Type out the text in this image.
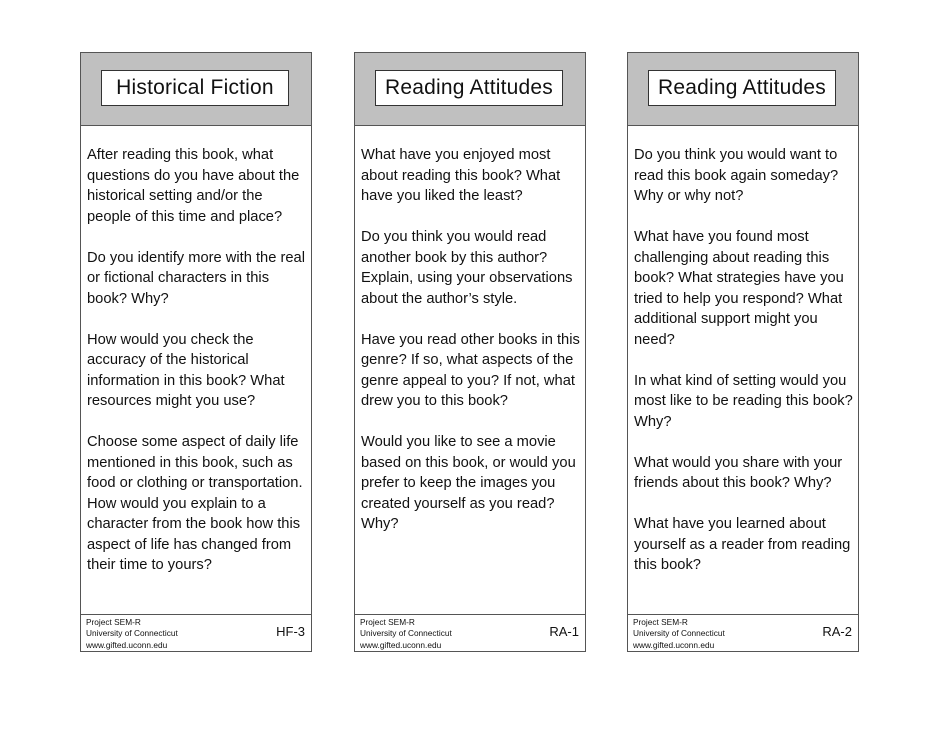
Historical Fiction

After reading this book, what questions do you have about the historical setting and/or the people of this time and place?

Do you identify more with the real or fictional characters in this book? Why?

How would you check the accuracy of the historical information in this book? What resources might you use?

Choose some aspect of daily life mentioned in this book, such as food or clothing or transportation. How would you explain to a character from the book how this aspect of life has changed from their time to yours?

Project SEM-R
University of Connecticut
www.gifted.uconn.edu
HF-3
Reading Attitudes

What have you enjoyed most about reading this book? What have you liked the least?

Do you think you would read another book by this author? Explain, using your observations about the author’s style.

Have you read other books in this genre? If so, what aspects of the genre appeal to you? If not, what drew you to this book?

Would you like to see a movie based on this book, or would you prefer to keep the images you created yourself as you read? Why?

Project SEM-R
University of Connecticut
www.gifted.uconn.edu
RA-1
Reading Attitudes

Do you think you would want to read this book again someday? Why or why not?

What have you found most challenging about reading this book? What strategies have you tried to help you respond? What additional support might you need?

In what kind of setting would you most like to be reading this book? Why?

What would you share with your friends about this book? Why?

What have you learned about yourself as a reader from reading this book?

Project SEM-R
University of Connecticut
www.gifted.uconn.edu
RA-2
